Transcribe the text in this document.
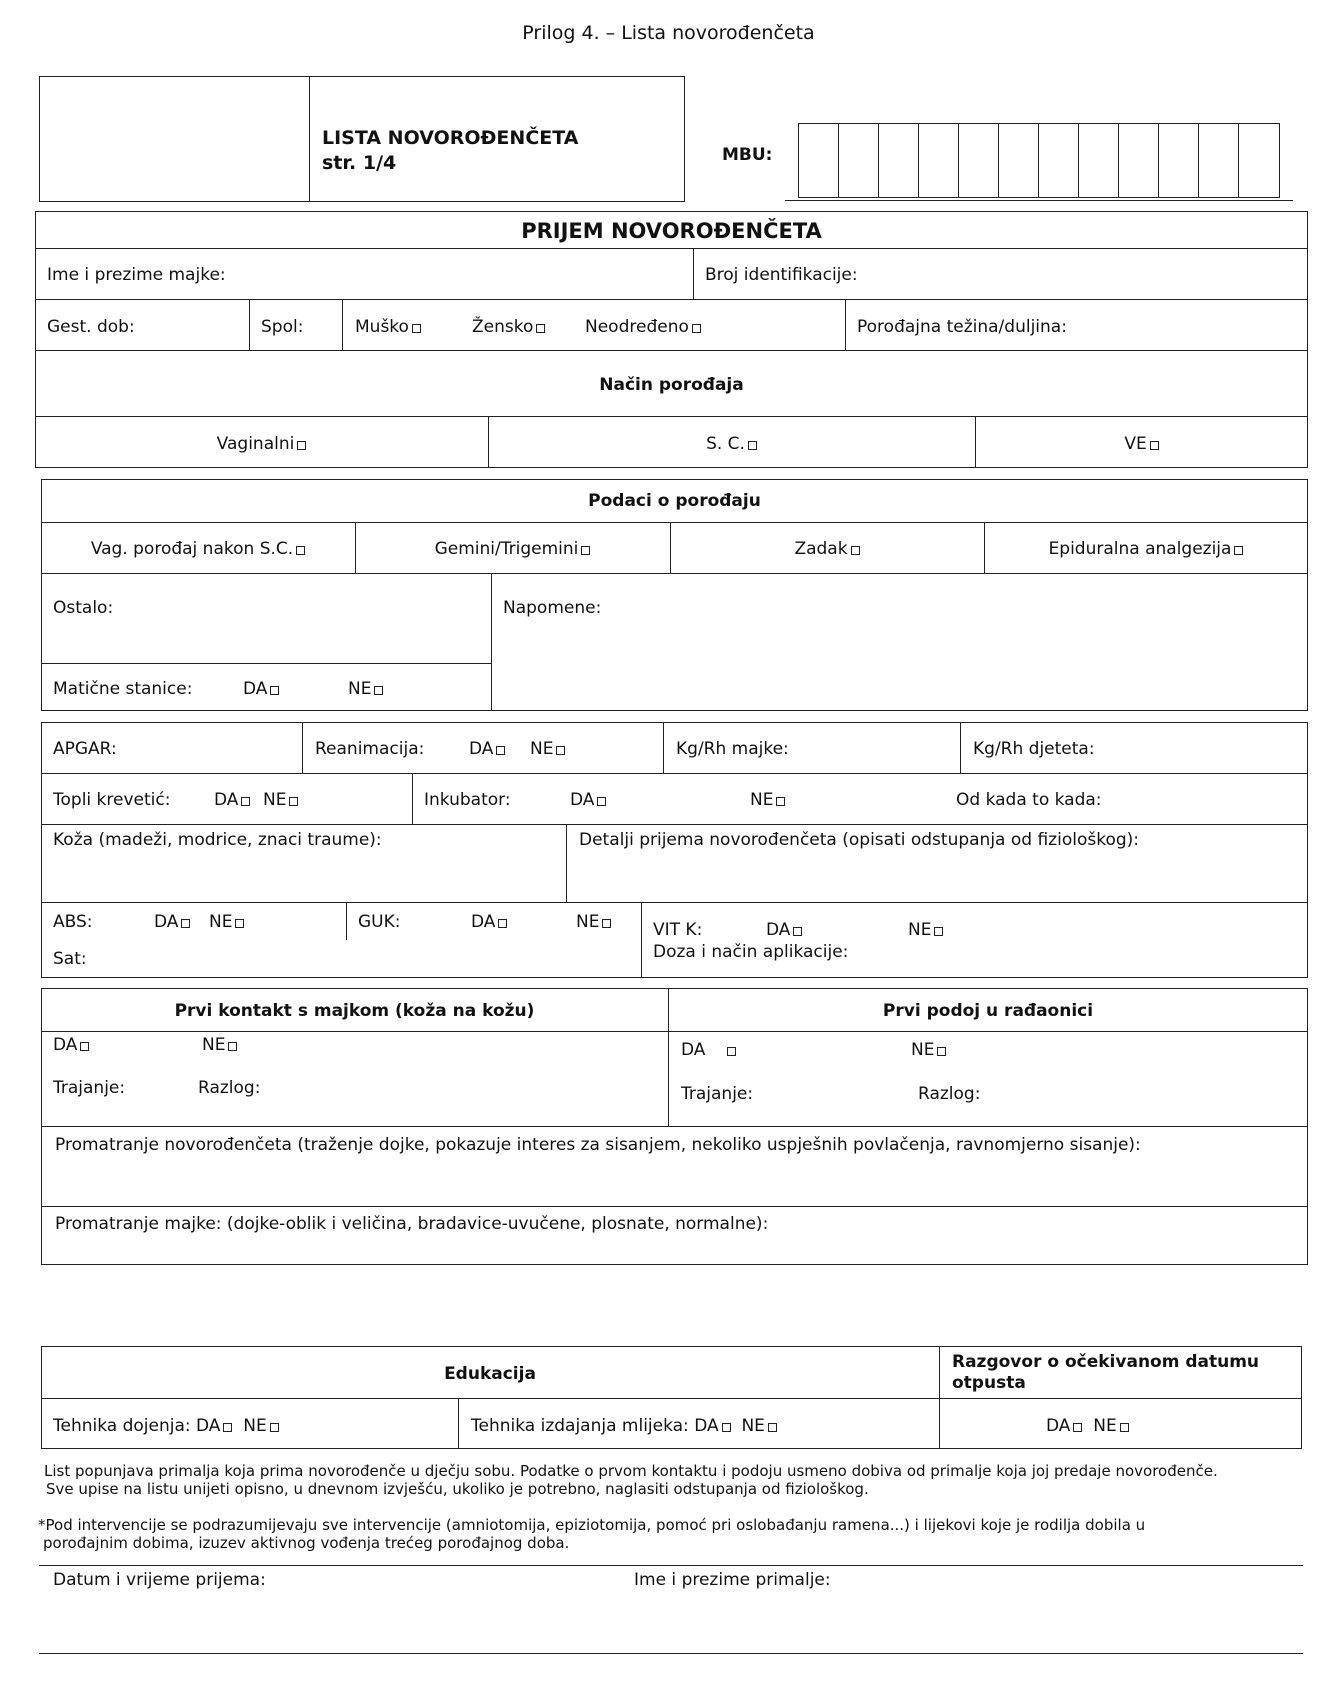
Prilog 4. – Lista novorođenčeta
LISTA NOVOROĐENČETA
str. 1/4	MBU:
PRIJEM NOVOROĐENČETA
Ime i prezime majke:	Broj identifikacije:
Gest. dob:	Spol:	Muško	Žensko	Neodređeno	Porođajna težina/duljina:
Način porođaja
Vaginalni	S. C.	VE
Podaci o porođaju
Vag. porođaj nakon S.C.	Gemini/Trigemini	Zadak	Epiduralna analgezija
Ostalo:	Napomene:
Matične stanice:	DA	NE
APGAR:	Reanimacija:	DA	NE	Kg/Rh majke:	Kg/Rh djeteta:
Topli krevetić:	DA	NE	Inkubator:	DA	NE	Od kada to kada:
Koža (madeži, modrice, znaci traume):	Detalji prijema novorođenčeta (opisati odstupanja od fiziološkog):
ABS:	DA	NE	GUK:	DA	NE
Sat:
VIT K:	DA	NE
Doza i način aplikacije:
Prvi kontakt s majkom (koža na kožu)	Prvi podoj u rađaonici
DA	NE
Trajanje:	Razlog:
DA	NE
Trajanje:	Razlog:
Promatranje novorođenčeta (traženje dojke, pokazuje interes za sisanjem, nekoliko uspješnih povlačenja, ravnomjerno sisanje):
Promatranje majke: (dojke-oblik i veličina, bradavice-uvučene, plosnate, normalne):
Edukacija
Razgovor o očekivanom datumu
otpusta
Tehnika dojenja: DA NE	Tehnika izdajanja mlijeka: DA NE	DA NE
List popunjava primalja koja prima novorođenče u dječju sobu. Podatke o prvom kontaktu i podoju usmeno dobiva od primalje koja joj predaje novorođenče.
Sve upise na listu unijeti opisno, u dnevnom izvješću, ukoliko je potrebno, naglasiti odstupanja od fiziološkog.
*Pod intervencije se podrazumijevaju sve intervencije (amniotomija, epiziotomija, pomoć pri oslobađanju ramena...) i lijekovi koje je rodilja dobila u
porođajnim dobima, izuzev aktivnog vođenja trećeg porođajnog doba.
Datum i vrijeme prijema:	Ime i prezime primalje:
